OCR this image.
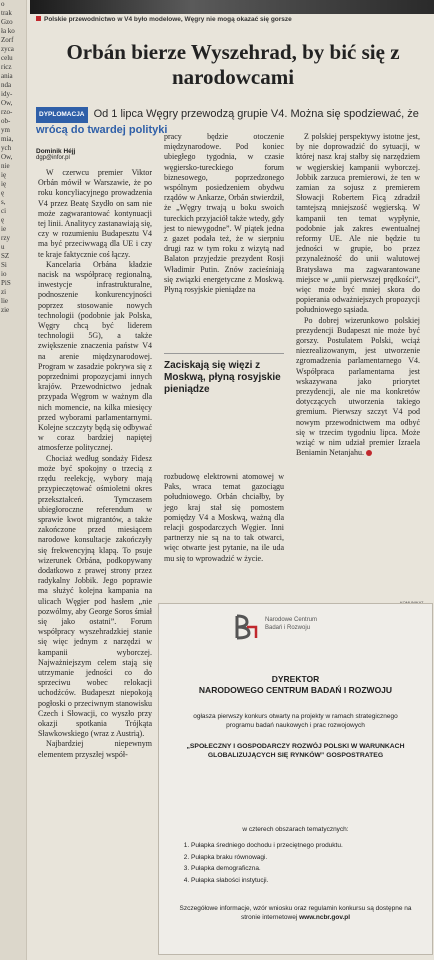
o
trak
Gzo
ła ko
Zorf
zyca
celu
ricz
ania
nda
idy-
Ow,
rzo-
ob-
ym
mia,
ych
Ow,
nie
ię
ię
ę
s,
ci
ę
ie
rzy
u
SZ
Si
io
PiS
zi
lie
zie
Polskie przewodnictwo w V4 było modelowe, Węgry nie mogą okazać się gorsze
Orbán bierze Wyszehrad, by bić się z narodowcami
DYPLOMACJA Od 1 lipca Węgry przewodzą grupie V4. Można się spodziewać, że wrócą do twardej polityki
Dominik Héjj
dgp@infor.pl

W czerwcu premier Viktor Orbán mówił w Warszawie, że po roku koncyliacyjnego prowadzenia V4 przez Beatę Szydło on sam nie może zagwarantować kontynuacji tej linii. Analitycy zastanawiają się, czy w rozumieniu Budapesztu V4 ma być przeciwwagą dla UE i czy te kraje faktycznie coś łączy.

Kancelaria Orbána kładzie nacisk na współpracę regionalną, inwestycje infrastrukturalne, podnoszenie konkurencyjności poprzez stosowanie nowych technologii (podobnie jak Polska, Węgry chcą być liderem technologii 5G), a także zwiększenie znaczenia państw V4 na arenie międzynarodowej. Program w zasadzie pokrywa się z poprzednimi propozycjami innych krajów. Przewodnictwo jednak przypada Węgrom w ważnym dla nich momencie, na kilka miesięcy przed wyborami parlamentarnymi. Kolejne sczczyty będą się odbywać w coraz bardziej napiętej atmosferze politycznej.

Chociaż według sondaży Fidesz może być spokojny o trzecią z rzędu reelekcję, wybory mają przypieczętować ośmioletni okres przekształceń. Tymczasem ubiegłoroczne referendum w sprawie kwot migrantów, a także zakończone przed miesiącem narodowe konsultacje zakończyły się frekwencyjną klapą. To psuje wizerunek Orbána, podkopywany dodatkowo z prawej strony przez radykalny Jobbik. Jego poprawie ma służyć kolejna kampania na ulicach Węgier pod hasłem „nie pozwólmy, aby George Soros śmiał się jako ostatni”. Forum współpracy wyszehradzkiej stanie się więc jednym z narzędzi w kampanii wyborczej. Najważniejszym celem stają się utrzymanie jedności co do sprzeciwu wobec relokacji uchodźców. Budapeszt niepokoją pogłoski o przeciwnym stanowisku Czech i Słowacji, co wyszło przy okazji spotkania Trójkąta Sławkowskiego (wraz z Austrią).

Najbardziej niepewnym elementem przyszłej współ-

pracy będzie otoczenie międzynarodowe. Pod koniec ubiegłego tygodnia, w czasie węgiersko-tureckiego forum biznesowego, poprzedzonego wspólnym posiedzeniem obydwu rządów w Ankarze, Orbán stwierdził, że „Węgry trwają u boku swoich tureckich przyjaciół także wtedy, gdy jest to niewygodne”. W piątek jedna z gazet podała też, że w sierpniu drugi raz w tym roku z wizytą nad Balaton przyjedzie prezydent Rosji Władimir Putin. Znów zacieśniają się związki energetyczne z Moskwą. Płyną rosyjskie pieniądze na

Zaciskają się więzi z Moskwą, płyną rosyjskie pieniądze

rozbudowę elektrowni atomowej w Paks, wraca temat gazociągu południowego. Orbán chciałby, by jego kraj stał się pomostem pomiędzy V4 a Moskwą, ważną dla relacji gospodarczych Węgier. Inni partnerzy nie są na to tak otwarci, więc otwarte jest pytanie, na ile uda mu się to wprowadzić w życie.

Z polskiej perspektywy istotne jest, by nie doprowadzić do sytuacji, w której nasz kraj stałby się narzędziem w węgierskiej kampanii wyborczej. Jobbik zarzuca premierowi, że ten w zamian za sojusz z premierem Słowacji Robertem Ficą zdradził tamtejszą mniejszość węgierską. W kampanii ten temat wypłynie, podobnie jak zakres ewentualnej reformy UE. Ale nie będzie tu jedności w grupie, bo przez przynależność do unii walutowej Bratysława ma zagwarantowane miejsce w „unii pierwszej prędkości”, więc może być mniej skora do popierania odważniejszych propozycji południowego sąsiada.

Po dobrej wizerunkowo polskiej prezydencji Budapeszt nie może być gorszy. Postulatem Polski, wciąż niezrealizowanym, jest utworzenie zgromadzenia parlamentarnego V4. Współpraca parlamentarna jest wskazywana jako priorytet prezydencji, ale nie ma konkretów dotyczących utworzenia takiego gremium. Pierwszy szczyt V4 pod nowym przewodnictwem ma odbyć się w trzecim tygodniu lipca. Może wziąć w nim udział premier Izraela Beniamin Netanjahu.

Narodowe Centrum
Badań i Rozwoju
DYREKTOR
NARODOWEGO CENTRUM BADAŃ I ROZWOJU
ogłasza pierwszy konkurs otwarty na projekty w ramach strategicznego programu badań naukowych i prac rozwojowych
„SPOŁECZNY I GOSPODARCZY ROZWÓJ POLSKI W WARUNKACH GLOBALIZUJĄCYCH SIĘ RYNKÓW” GOSPOSTRATEG
w czterech obszarach tematycznych:
1. Pułapka średniego dochodu i przeciętnego produktu.
2. Pułapka braku równowagi.
3. Pułapka demograficzna.
4. Pułapka słabości instytucji.
Szczegółowe informacje, wzór wniosku oraz regulamin konkursu są dostępne na stronie internetowej www.ncbr.gov.pl
